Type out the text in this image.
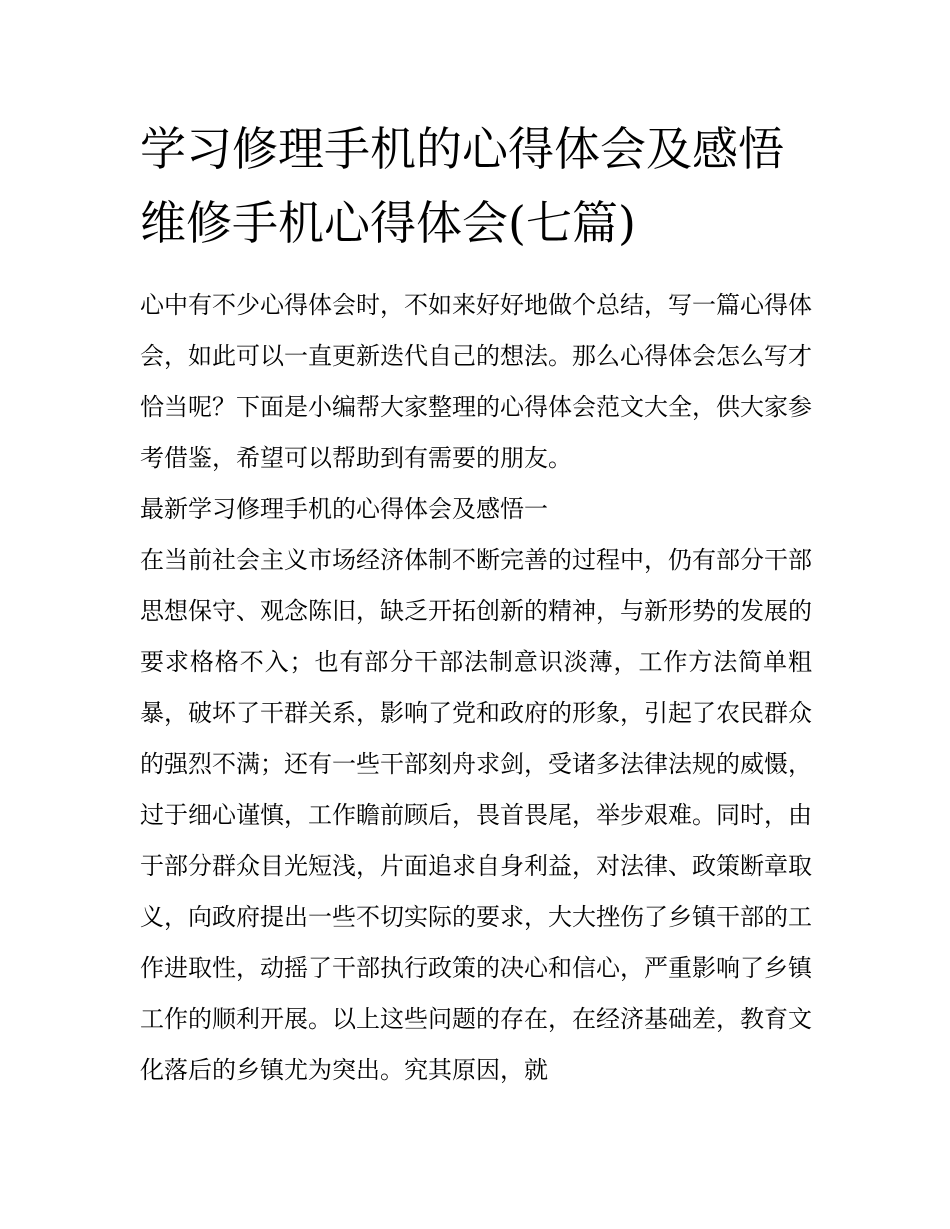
学习修理手机的心得体会及感悟 维修手机心得体会(七篇)

心中有不少心得体会时，不如来好好地做个总结，写一篇心得体会，如此可以一直更新迭代自己的想法。那么心得体会怎么写才恰当呢？下面是小编帮大家整理的心得体会范文大全，供大家参考借鉴，希望可以帮助到有需要的朋友。

最新学习修理手机的心得体会及感悟一

在当前社会主义市场经济体制不断完善的过程中，仍有部分干部思想保守、观念陈旧，缺乏开拓创新的精神，与新形势的发展的要求格格不入；也有部分干部法制意识淡薄，工作方法简单粗暴，破坏了干群关系，影响了党和政府的形象，引起了农民群众的强烈不满；还有一些干部刻舟求剑，受诸多法律法规的威慑，过于细心谨慎，工作瞻前顾后，畏首畏尾，举步艰难。同时，由于部分群众目光短浅，片面追求自身利益，对法律、政策断章取义，向政府提出一些不切实际的要求，大大挫伤了乡镇干部的工作进取性，动摇了干部执行政策的决心和信心，严重影响了乡镇工作的顺利开展。以上这些问题的存在，在经济基础差，教育文化落后的乡镇尤为突出。究其原因，就
